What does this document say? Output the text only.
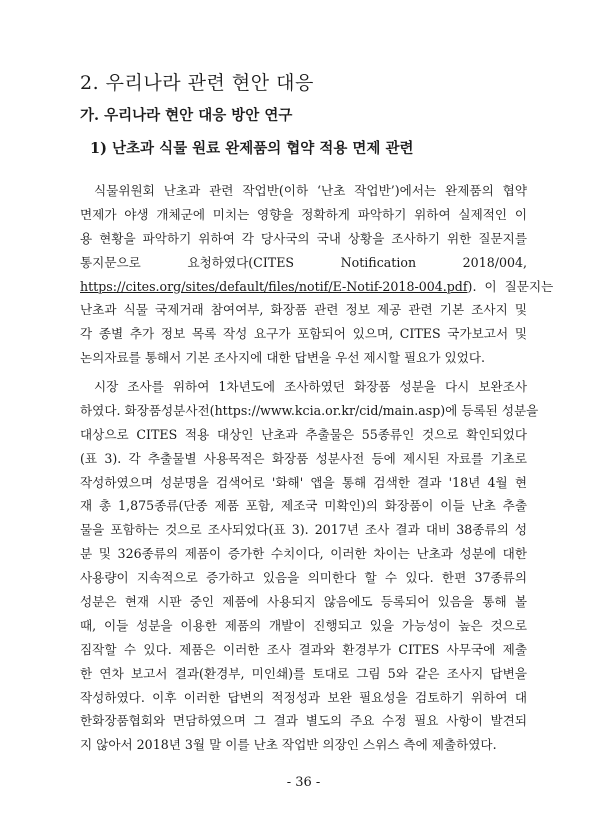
2. 우리나라 관련 현안 대응
가. 우리나라 현안 대응 방안 연구
1) 난초과 식물 원료 완제품의 협약 적용 면제 관련
식물위원회 난초과 관련 작업반(이하 ‘난초 작업반’)에서는 완제품의 협약
면제가 야생 개체군에 미치는 영향을 정확하게 파악하기 위하여 실제적인 이
용 현황을 파악하기 위하여 각 당사국의 국내 상황을 조사하기 위한 질문지를
통지문으로          요청하였다(CITES          Notification          2018/004,
https://cites.org/sites/default/files/notif/E-Notif-2018-004.pdf).  이  질문지는
난초과 식물 국제거래 참여여부, 화장품 관련 정보 제공 관련 기본 조사지 및
각 종별 추가 정보 목록 작성 요구가 포함되어 있으며, CITES 국가보고서 및
논의자료를 통해서 기본 조사지에 대한 답변을 우선 제시할 필요가 있었다.
시장 조사를 위하여 1차년도에 조사하였던 화장품 성분을 다시 보완조사
하였다. 화장품성분사전(https://www.kcia.or.kr/cid/main.asp)에 등록된 성분을
대상으로 CITES 적용 대상인 난초과 추출물은 55종류인 것으로 확인되었다
(표 3). 각 추출물별 사용목적은 화장품 성분사전 등에 제시된 자료를 기초로
작성하였으며 성분명을 검색어로 '화해' 앱을 통해 검색한 결과 '18년 4월 현
재 총 1,875종류(단종 제품 포함, 제조국 미확인)의 화장품이 이들 난초 추출
물을 포함하는 것으로 조사되었다(표 3). 2017년 조사 결과 대비 38종류의 성
분 및 326종류의 제품이 증가한 수치이다, 이러한 차이는 난초과 성분에 대한
사용량이 지속적으로 증가하고 있음을 의미한다 할 수 있다. 한편 37종류의
성분은 현재 시판 중인 제품에 사용되지 않음에도 등록되어 있음을 통해 볼
때, 이들 성분을 이용한 제품의 개발이 진행되고 있을 가능성이 높은 것으로
짐작할 수 있다. 제품은 이러한 조사 결과와 환경부가 CITES 사무국에 제출
한 연차 보고서 결과(환경부, 미인쇄)를 토대로 그림 5와 같은 조사지 답변을
작성하였다. 이후 이러한 답변의 적정성과 보완 필요성을 검토하기 위하여 대
한화장품협회와 면담하였으며 그 결과 별도의 주요 수정 필요 사항이 발견되
지 않아서 2018년 3월 말 이를 난초 작업반 의장인 스위스 측에 제출하였다.
- 36 -
